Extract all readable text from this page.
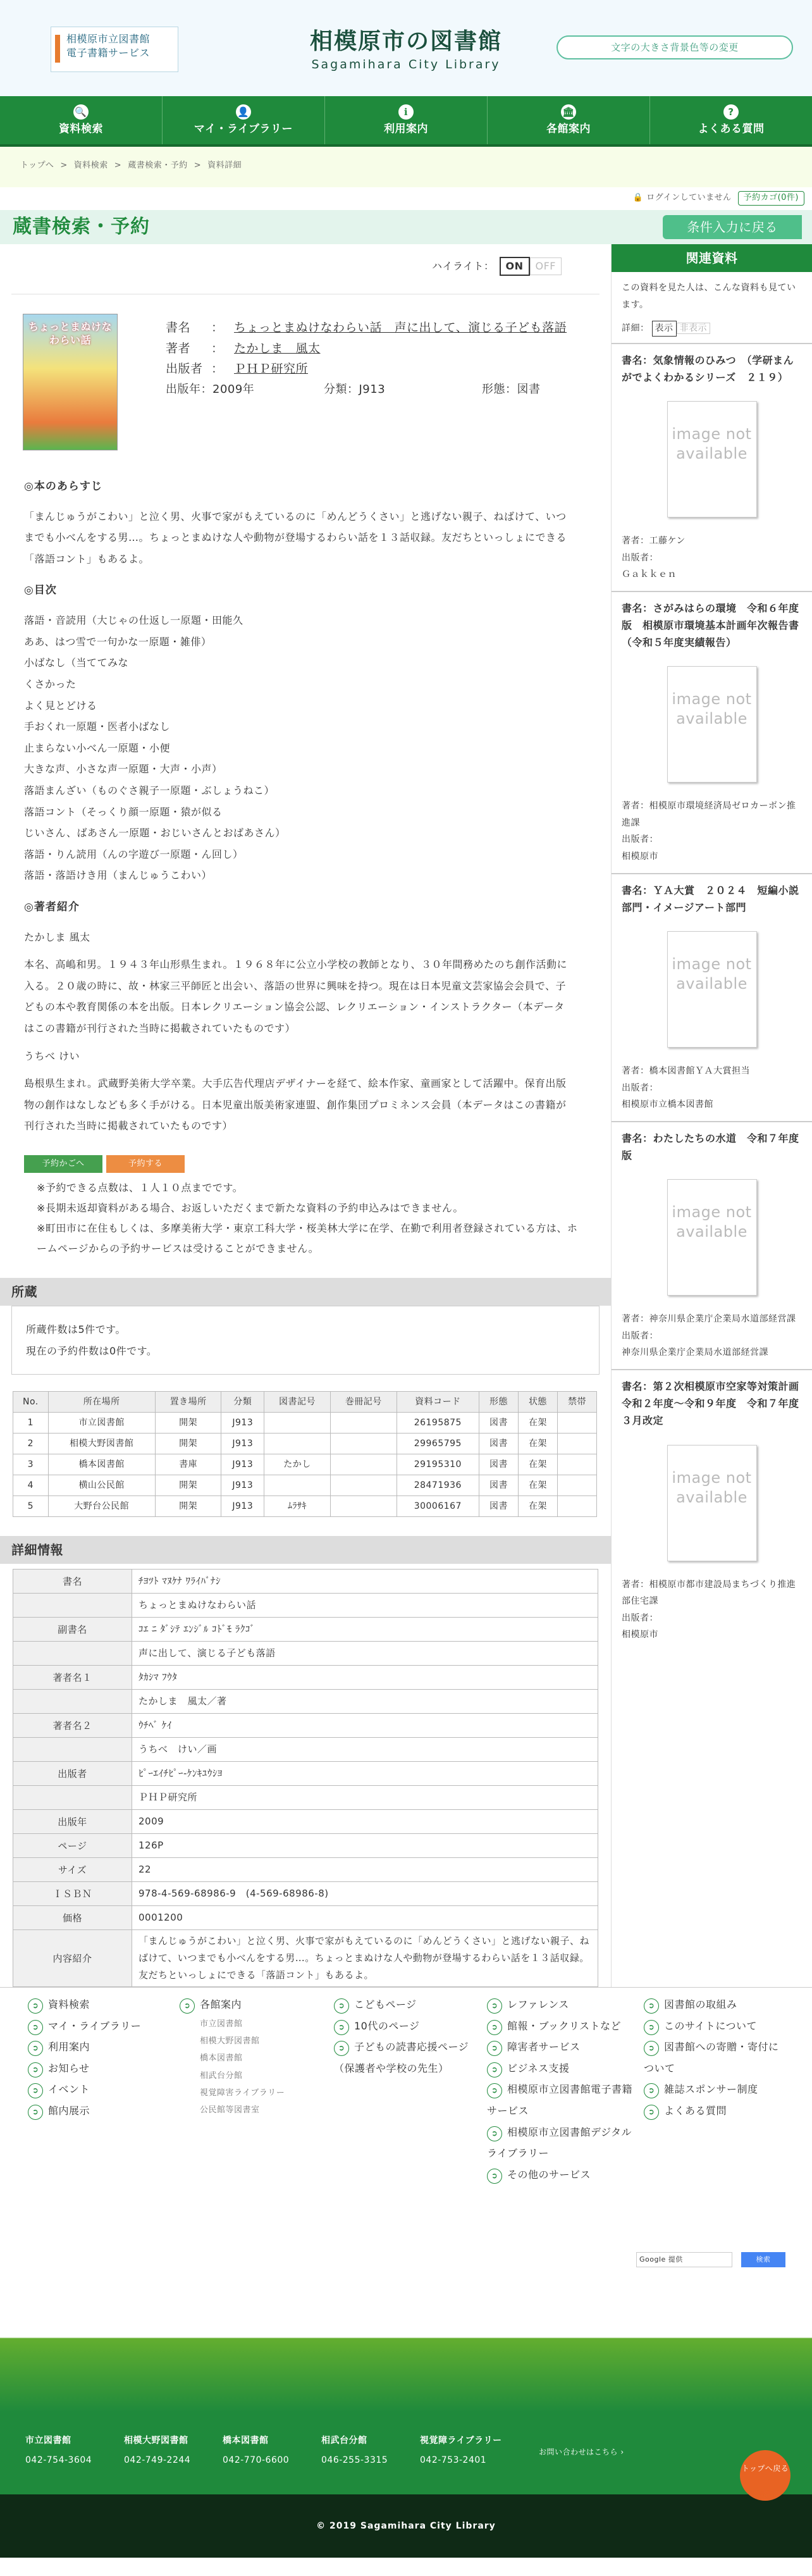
相模原市立図書館
電子書籍サービス	相模原市の図書館
Sagamihara City Library
文字の大きさ背景色等の変更
🔍
資料検索
👤
マイ・ライブラリー
ℹ
利用案内
🏛
各館案内
?
よくある質問
トップへ > 資料検索 > 蔵書検索・予約 > 資料詳細
🔒 ログインしていません 予約カゴ(0件)
蔵書検索・予約	条件入力に戻る
ハイライト： ON OFF
ちょっとまぬけな わらい話
書名	： ちょっとまぬけなわらい話　声に出して、演じる子ども落語
著者	： たかしま　風太
出版者 ： ＰＨＰ研究所
出版年：2009年	分類：J913	形態：図書
◎ 本のあらすじ

「まんじゅうがこわい」と泣く男、火事で家がもえているのに「めんどうくさい」と逃げない親子、ねばけて、いつまでも小べんをする男…。ちょっとまぬけな人や動物が登場するわらい話を１３話収録。友だちといっしょにできる「落語コント」もあるよ。

◎ 目次
落語・音読用（大じゃの仕返し一原題・田能久
ああ、はつ雪で一句かな一原題・雑俳）
小ばなし（当ててみな
くさかった
よく見とどける
手おくれ一原題・医者小ばなし
止まらない小べん一原題・小便
大きな声、小さな声一原題・大声・小声）
落語まんざい（ものぐさ親子一原題・ぶしょうねこ）
落語コント（そっくり顔一原題・猿が似る
じいさん、ばあさん一原題・おじいさんとおばあさん）
落語・りん読用（んの字遊び一原題・ん回し）
落語・落語けき用（まんじゅうこわい）
◎ 著者紹介

たかしま 風太

本名、高嶋和男。１９４３年山形県生まれ。１９６８年に公立小学校の教師となり、３０年間務めたのち創作活動に入る。２０歳の時に、故・林家三平師匠と出会い、落語の世界に興味を持つ。現在は日本児童文芸家協会会員で、子どもの本や教育関係の本を出版。日本レクリエーション協会公認、レクリエーション・インストラクター（本データはこの書籍が刊行された当時に掲載されていたものです）

うちべ けい

島根県生まれ。武蔵野美術大学卒業。大手広告代理店デザイナーを経て、絵本作家、童画家として活躍中。保育出版物の創作はなしなども多く手がける。日本児童出版美術家連盟、創作集団プロミネンス会員（本データはこの書籍が刊行された当時に掲載されていたものです）

予約かごへ	予約する
※予約できる点数は、１人１０点までです。
※長期未返却資料がある場合、お返しいただくまで新たな資料の予約申込みはできません。
※町田市に在住もしくは、多摩美術大学・東京工科大学・桜美林大学に在学、在勤で利用者登録されている方は、ホームページからの予約サービスは受けることができません。
所蔵
所蔵件数は5件です。
現在の予約件数は0件です。
No.	所在場所	置き場所	分類	図書記号	巻冊記号	資料コード	形態	状態	禁帯
1	市立図書館	開架	J913			26195875	図書	在架	
2	相模大野図書館	開架	J913			29965795	図書	在架	
3	橋本図書館	書庫	J913	たかし		29195310	図書	在架	
4	横山公民館	開架	J913			28471936	図書	在架	
5	大野台公民館	開架	J913	ﾑﾗｻｷ		30006167	図書	在架	
詳細情報
書名	ﾁﾖﾂﾄ ﾏﾇｹﾅ ﾜﾗｲﾊﾞﾅｼ
	ちょっとまぬけなわらい話
副書名	ｺｴ ﾆ ﾀﾞｼﾃ ｴﾝｼﾞﾙ ｺﾄﾞﾓ ﾗｸｺﾞ
	声に出して、演じる子ども落語
著者名１	ﾀｶｼﾏ ﾌｳﾀ
	たかしま　風太／著
著者名２	ｳﾁﾍﾞ ｹｲ
	うちべ　けい／画
出版者	ﾋﾟｰｴｲﾁﾋﾟｰ-ｹﾝｷﾕｳｼﾖ
	ＰＨＰ研究所
出版年	2009
ページ	126P
サイズ	22
ＩＳＢＮ	978-4-569-68986-9　(4-569-68986-8)
価格	0001200
内容紹介	「まんじゅうがこわい」と泣く男、火事で家がもえているのに「めんどうくさい」と逃げない親子、ねばけて、いつまでも小べんをする男…。ちょっとまぬけな人や動物が登場するわらい話を１３話収録。友だちといっしょにできる「落語コント」もあるよ。
関連資料
この資料を見た人は、こんな資料も見ています。
詳細： 表示 非表示
書名：気象情報のひみつ　（学研まんがでよくわかるシリーズ　２１９）
image not available
著者：工藤ケン
出版者：
Ｇａｋｋｅｎ
書名：さがみはらの環境　令和６年度版　相模原市環境基本計画年次報告書（令和５年度実績報告）
image not available
著者：相模原市環境経済局ゼロカーボン推進課
出版者：
相模原市
書名：ＹＡ大賞　２０２４　短編小説部門・イメージアート部門
image not available
著者：橋本図書館ＹＡ大賞担当
出版者：
相模原市立橋本図書館
書名：わたしたちの水道　令和７年度版
image not available
著者：神奈川県企業庁企業局水道部経営課
出版者：
神奈川県企業庁企業局水道部経営課
書名：第２次相模原市空家等対策計画　令和２年度～令和９年度　令和７年度３月改定
image not available
著者：相模原市都市建設局まちづくり推進部住宅課
出版者：
相模原市
➲ 資料検索
➲ マイ・ライブラリー
➲ 利用案内
➲ お知らせ
➲ イベント
➲ 館内展示
➲ 各館案内
市立図書館
相模大野図書館
橋本図書館
相武台分館
視覚障害ライブラリー
公民館等図書室
➲ こどもページ
➲ 10代のページ
➲ 子どもの読書応援ページ（保護者や学校の先生）
➲ レファレンス
➲ 館報・ブックリストなど
➲ 障害者サービス
➲ ビジネス支援
➲ 相模原市立図書館電子書籍サービス
➲ 相模原市立図書館デジタルライブラリー
➲ その他のサービス
➲ 図書館の取組み
➲ このサイトについて
➲ 図書館への寄贈・寄付について
➲ 雑誌スポンサー制度
➲ よくある質問
Google 提供	検索
お問い合わせはこちら ›
トップへ戻る
市立図書館
042-754-3604
相模大野図書館
042-749-2244
橋本図書館
042-770-6600
相武台分館
046-255-3315
視覚障ライブラリー
042-753-2401
© 2019 Sagamihara City Library
